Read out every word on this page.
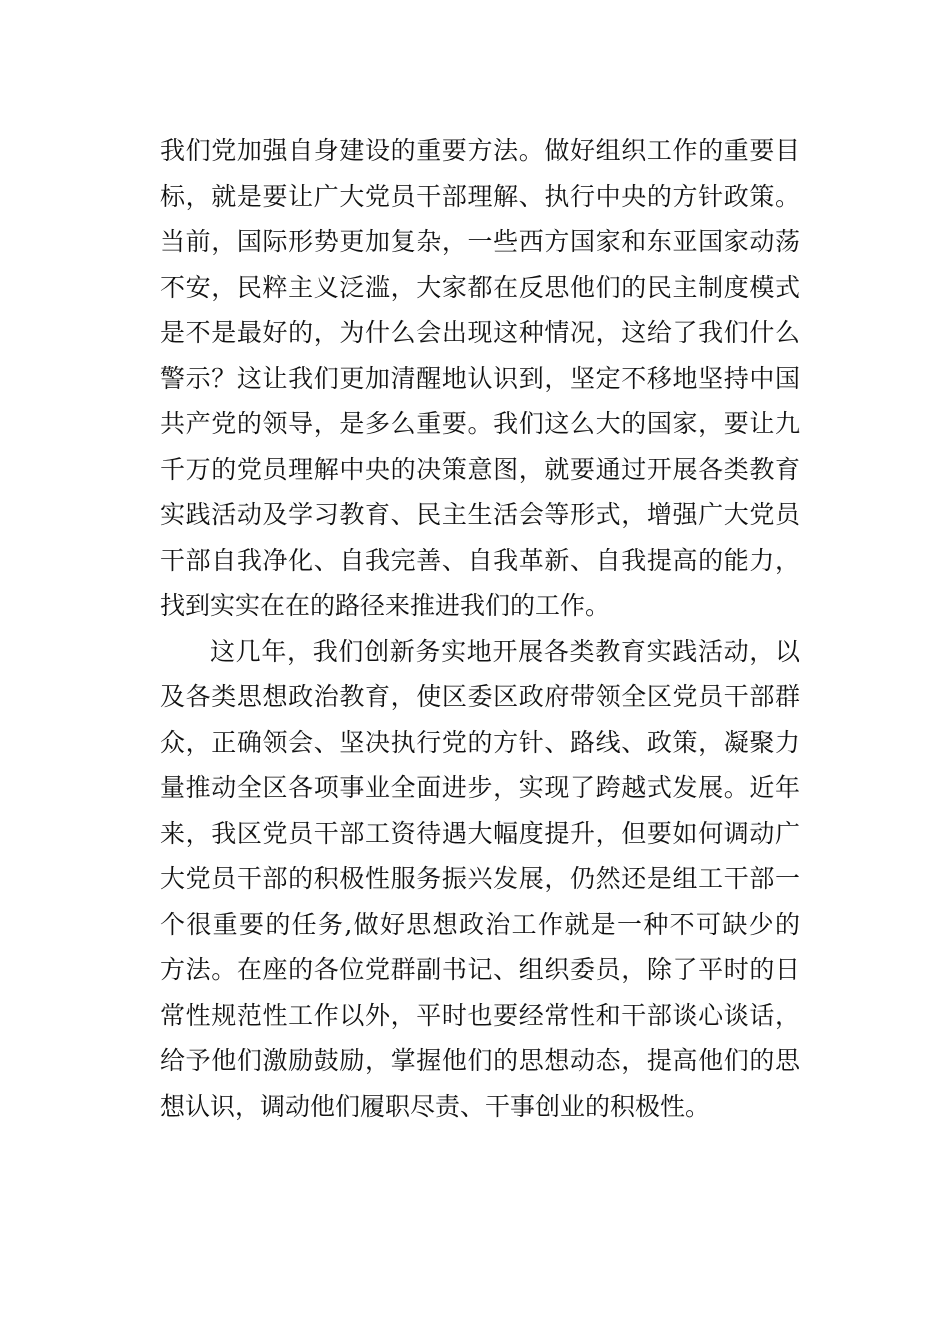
我们党加强自身建设的重要方法。做好组织工作的重要目
标，就是要让广大党员干部理解、执行中央的方针政策。
当前，国际形势更加复杂，一些西方国家和东亚国家动荡
不安，民粹主义泛滥，大家都在反思他们的民主制度模式
是不是最好的，为什么会出现这种情况，这给了我们什么
警示？这让我们更加清醒地认识到，坚定不移地坚持中国
共产党的领导，是多么重要。我们这么大的国家，要让九
千万的党员理解中央的决策意图，就要通过开展各类教育
实践活动及学习教育、民主生活会等形式，增强广大党员
干部自我净化、自我完善、自我革新、自我提高的能力，
找到实实在在的路径来推进我们的工作。
这几年，我们创新务实地开展各类教育实践活动，以
及各类思想政治教育，使区委区政府带领全区党员干部群
众，正确领会、坚决执行党的方针、路线、政策，凝聚力
量推动全区各项事业全面进步，实现了跨越式发展。近年
来，我区党员干部工资待遇大幅度提升，但要如何调动广
大党员干部的积极性服务振兴发展，仍然还是组工干部一
个很重要的任务,做好思想政治工作就是一种不可缺少的
方法。在座的各位党群副书记、组织委员，除了平时的日
常性规范性工作以外，平时也要经常性和干部谈心谈话，
给予他们激励鼓励，掌握他们的思想动态，提高他们的思
想认识，调动他们履职尽责、干事创业的积极性。
